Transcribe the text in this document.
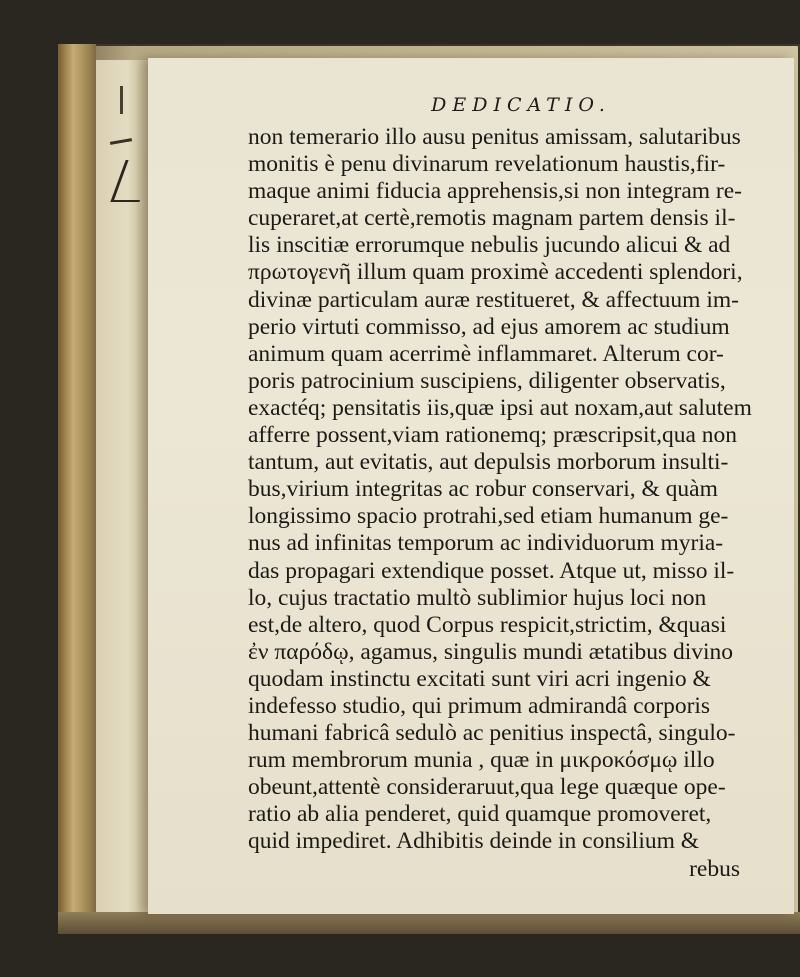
DEDICATIO.
non temerario illo ausu penitus amissam, salutaribus
monitis è penu divinarum revelationum haustis,fir-
maque animi fiducia apprehensis,si non integram re-
cuperaret,at certè,remotis magnam partem densis il-
lis inscitiæ errorumque nebulis jucundo alicui & ad
πρωτογενῆ illum quam proximè accedenti splendori,
divinæ particulam auræ restitueret, & affectuum im-
perio virtuti commisso, ad ejus amorem ac studium
animum quam acerrimè inflammaret. Alterum cor-
poris patrocinium suscipiens, diligenter observatis,
exactéq; pensitatis iis,quæ ipsi aut noxam,aut salutem
afferre possent,viam rationemq; præscripsit,qua non
tantum, aut evitatis, aut depulsis morborum insulti-
bus,virium integritas ac robur conservari, & quàm
longissimo spacio protrahi,sed etiam humanum ge-
nus ad infinitas temporum ac individuorum myria-
das propagari extendique posset. Atque ut, misso il-
lo, cujus tractatio multò sublimior hujus loci non
est,de altero, quod Corpus respicit,strictim, &quasi
ἐν παρόδῳ, agamus, singulis mundi ætatibus divino
quodam instinctu excitati sunt viri acri ingenio &
indefesso studio, qui primum admirandâ corporis
humani fabricâ sedulò ac penitius inspectâ, singulo-
rum membrorum munia , quæ in μικροκόσμῳ illo
obeunt,attentè consideraruut,qua lege quæque ope-
ratio ab alia penderet, quid quamque promoveret,
quid impediret. Adhibitis deinde in consilium &
rebus
